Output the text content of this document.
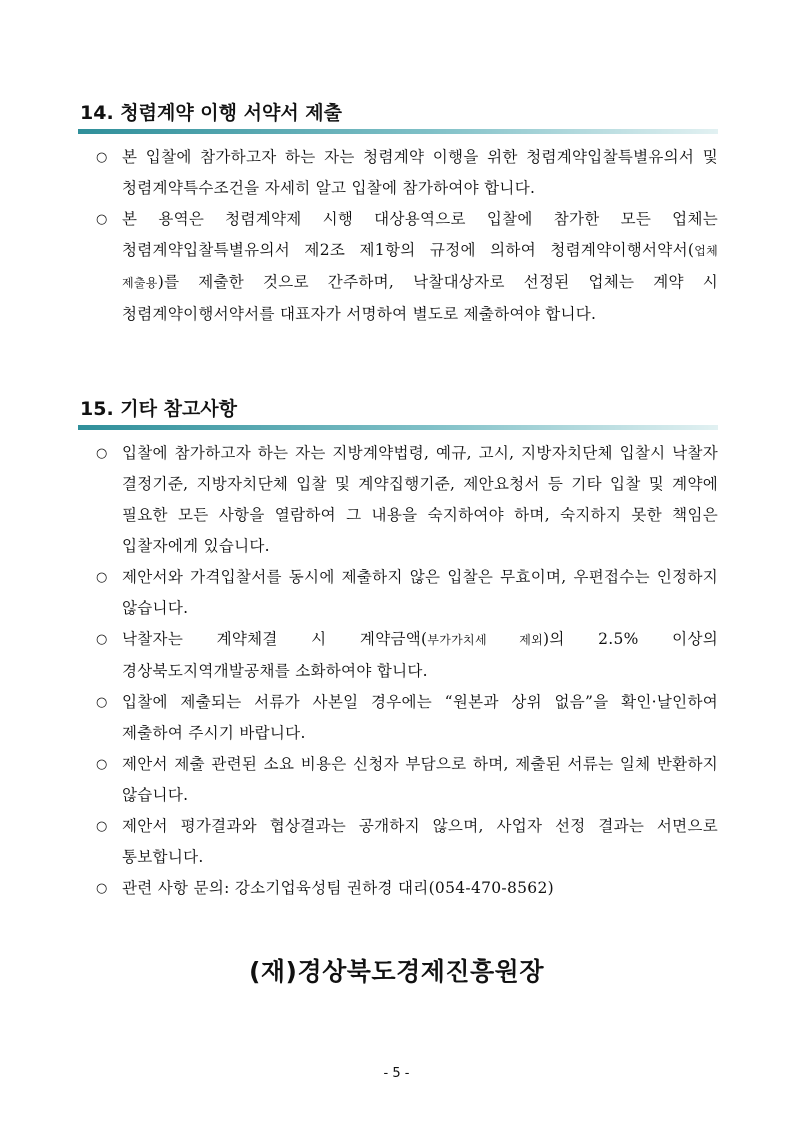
14. 청렴계약 이행 서약서 제출
○ 본 입찰에 참가하고자 하는 자는 청렴계약 이행을 위한 청렴계약입찰특별유의서 및 청렴계약특수조건을 자세히 알고 입찰에 참가하여야 합니다.
○ 본 용역은 청렴계약제 시행 대상용역으로 입찰에 참가한 모든 업체는 청렴계약입찰특별유의서 제2조 제1항의 규정에 의하여 청렴계약이행서약서(업체 제출용)를 제출한 것으로 간주하며, 낙찰대상자로 선정된 업체는 계약 시 청렴계약이행서약서를 대표자가 서명하여 별도로 제출하여야 합니다.
15. 기타 참고사항
○ 입찰에 참가하고자 하는 자는 지방계약법령, 예규, 고시, 지방자치단체 입찰시 낙찰자 결정기준, 지방자치단체 입찰 및 계약집행기준, 제안요청서 등 기타 입찰 및 계약에 필요한 모든 사항을 열람하여 그 내용을 숙지하여야 하며, 숙지하지 못한 책임은 입찰자에게 있습니다.
○ 제안서와 가격입찰서를 동시에 제출하지 않은 입찰은 무효이며, 우편접수는 인정하지 않습니다.
○ 낙찰자는 계약체결 시 계약금액(부가가치세 제외)의 2.5% 이상의 경상북도지역개발공채를 소화하여야 합니다.
○ 입찰에 제출되는 서류가 사본일 경우에는 “원본과 상위 없음”을 확인·날인하여 제출하여 주시기 바랍니다.
○ 제안서 제출 관련된 소요 비용은 신청자 부담으로 하며, 제출된 서류는 일체 반환하지 않습니다.
○ 제안서 평가결과와 협상결과는 공개하지 않으며, 사업자 선정 결과는 서면으로 통보합니다.
○ 관련 사항 문의: 강소기업육성팀 권하경 대리(054-470-8562)
(재)경상북도경제진흥원장
- 5 -
